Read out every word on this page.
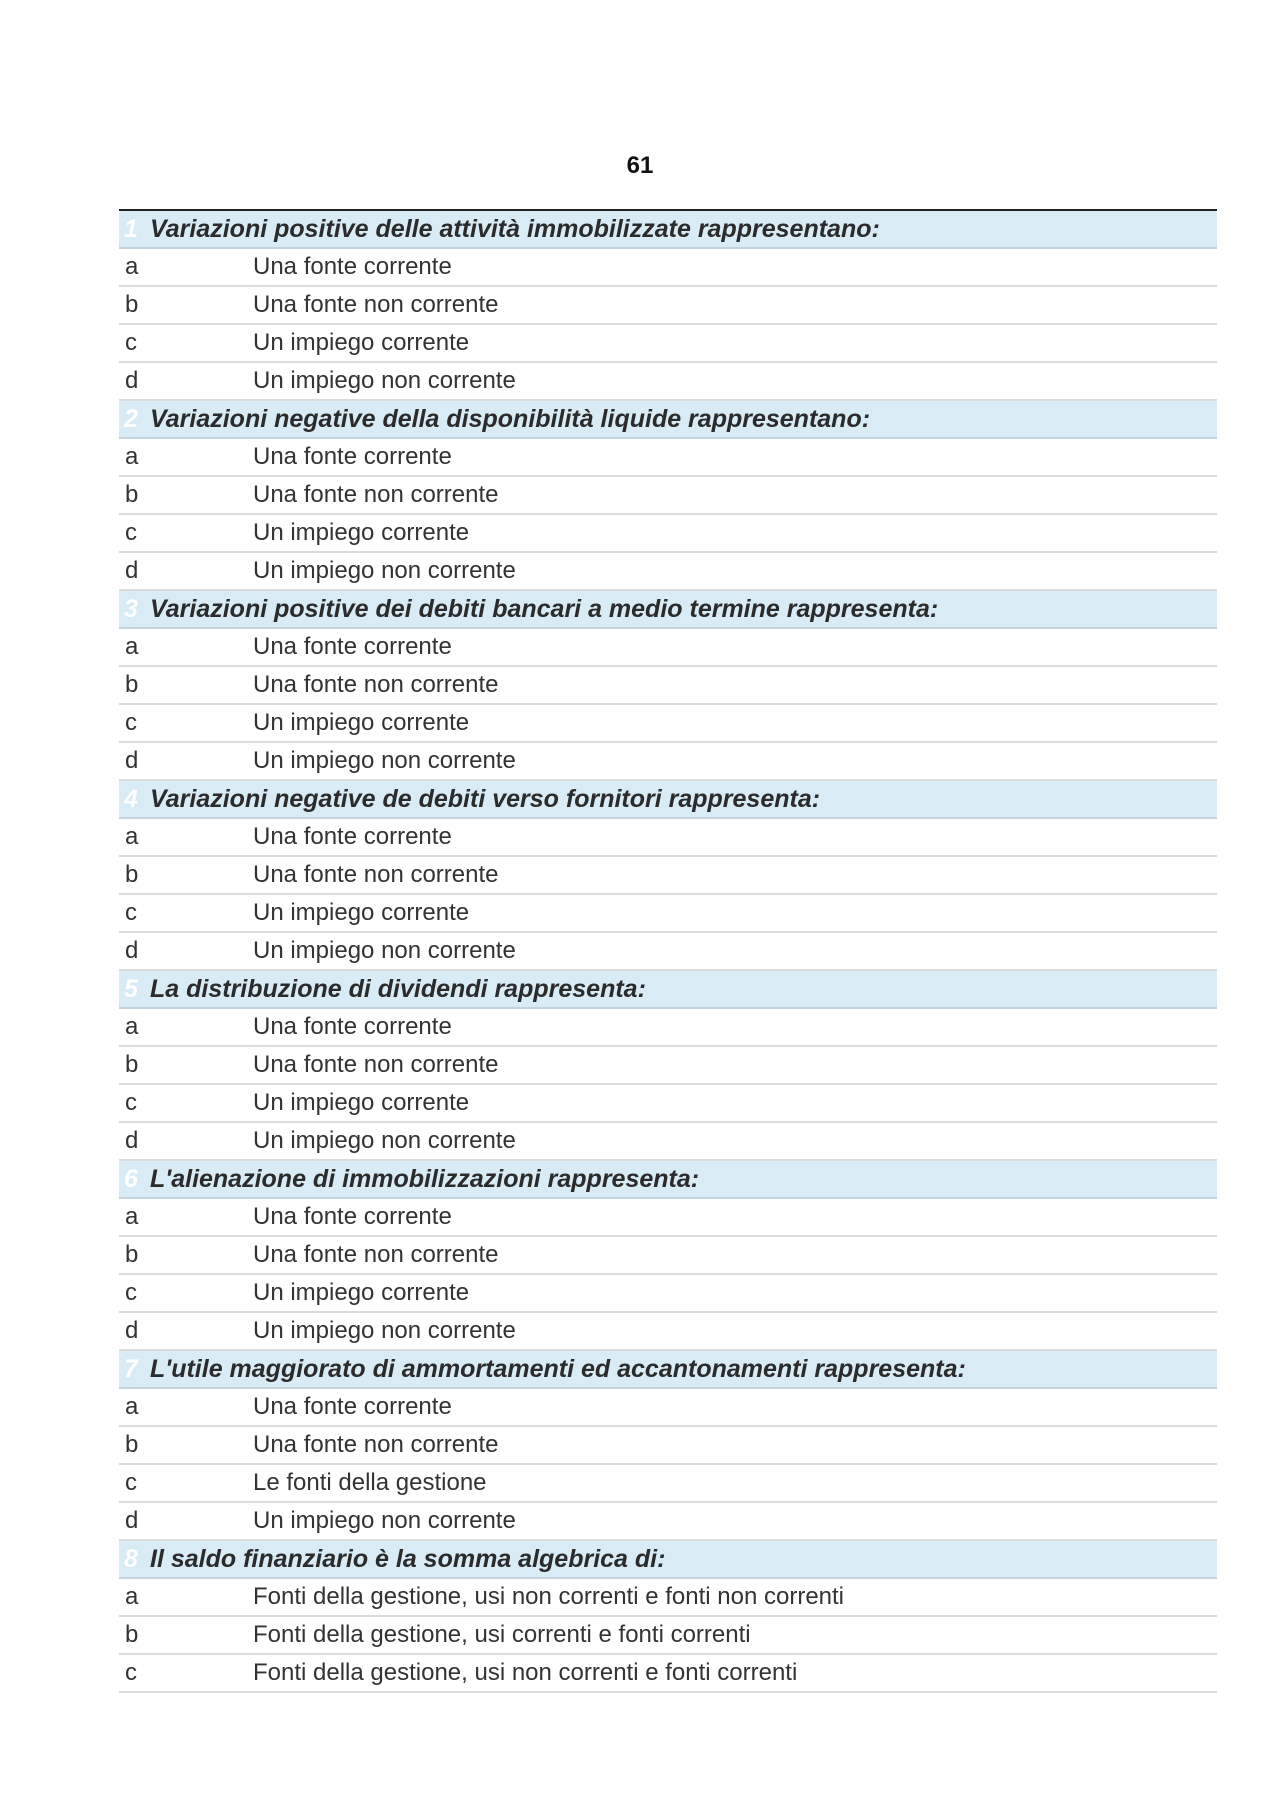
61
1 Variazioni positive delle attività immobilizzate rappresentano:
a	Una fonte corrente
b	Una fonte non corrente
c	Un impiego corrente
d	Un impiego non corrente
2 Variazioni negative della disponibilità liquide rappresentano:
a	Una fonte corrente
b	Una fonte non corrente
c	Un impiego corrente
d	Un impiego non corrente
3 Variazioni positive dei debiti bancari a medio termine rappresenta:
a	Una fonte corrente
b	Una fonte non corrente
c	Un impiego corrente
d	Un impiego non corrente
4 Variazioni negative de debiti verso fornitori rappresenta:
a	Una fonte corrente
b	Una fonte non corrente
c	Un impiego corrente
d	Un impiego non corrente
5 La distribuzione di dividendi rappresenta:
a	Una fonte corrente
b	Una fonte non corrente
c	Un impiego corrente
d	Un impiego non corrente
6 L'alienazione di immobilizzazioni rappresenta:
a	Una fonte corrente
b	Una fonte non corrente
c	Un impiego corrente
d	Un impiego non corrente
7 L'utile maggiorato di ammortamenti ed accantonamenti rappresenta:
a	Una fonte corrente
b	Una fonte non corrente
c	Le fonti della gestione
d	Un impiego non corrente
8 Il saldo finanziario è la somma algebrica di:
a	Fonti della gestione, usi non correnti e fonti non correnti
b	Fonti della gestione, usi correnti e fonti correnti
c	Fonti della gestione, usi non correnti e fonti correnti
